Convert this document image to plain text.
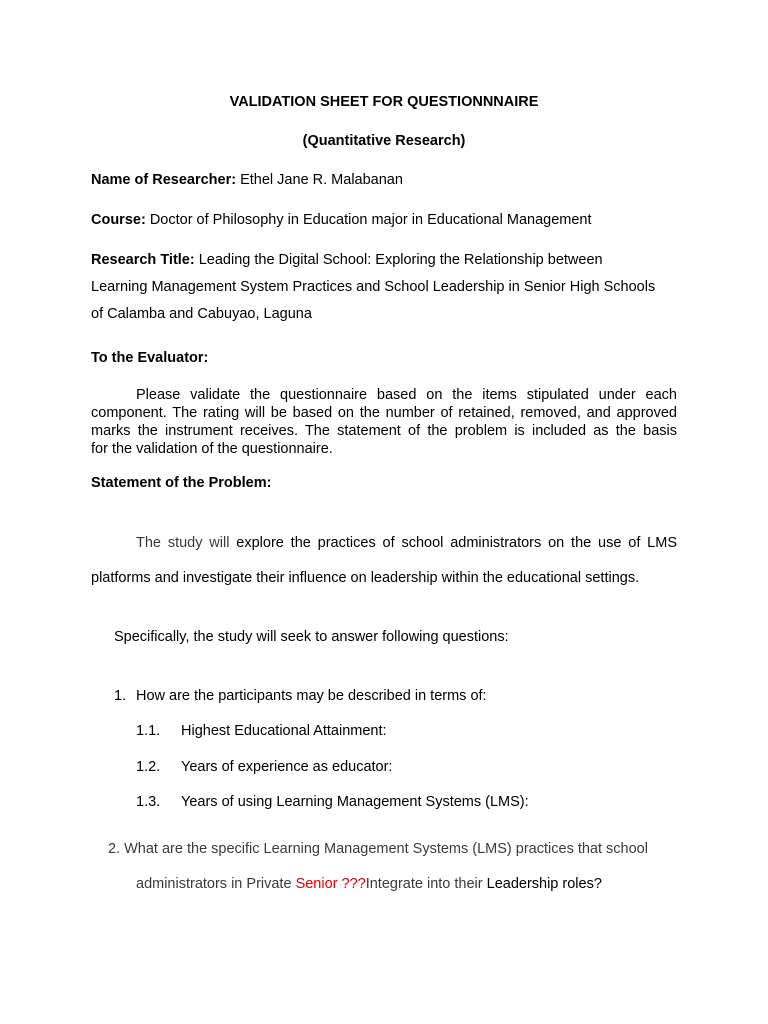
VALIDATION SHEET FOR QUESTIONNNAIRE
(Quantitative Research)
Name of Researcher: Ethel Jane R. Malabanan
Course: Doctor of Philosophy in Education major in Educational Management
Research Title: Leading the Digital School: Exploring the Relationship between
Learning Management System Practices and School Leadership in Senior High Schools
of Calamba and Cabuyao, Laguna
To the Evaluator:
Please validate the questionnaire based on the items stipulated under each
component. The rating will be based on the number of retained, removed, and approved
marks the instrument receives. The statement of the problem is included as the basis
for the validation of the questionnaire.
Statement of the Problem:
The study will explore the practices of school administrators on the use of LMS
platforms and investigate their influence on leadership within the educational settings.
Specifically, the study will seek to answer following questions:
1. How are the participants may be described in terms of:
1.1. Highest Educational Attainment:
1.2. Years of experience as educator:
1.3. Years of using Learning Management Systems (LMS):
2. What are the specific Learning Management Systems (LMS) practices that school
administrators in Private Senior ???Integrate into their Leadership roles?
